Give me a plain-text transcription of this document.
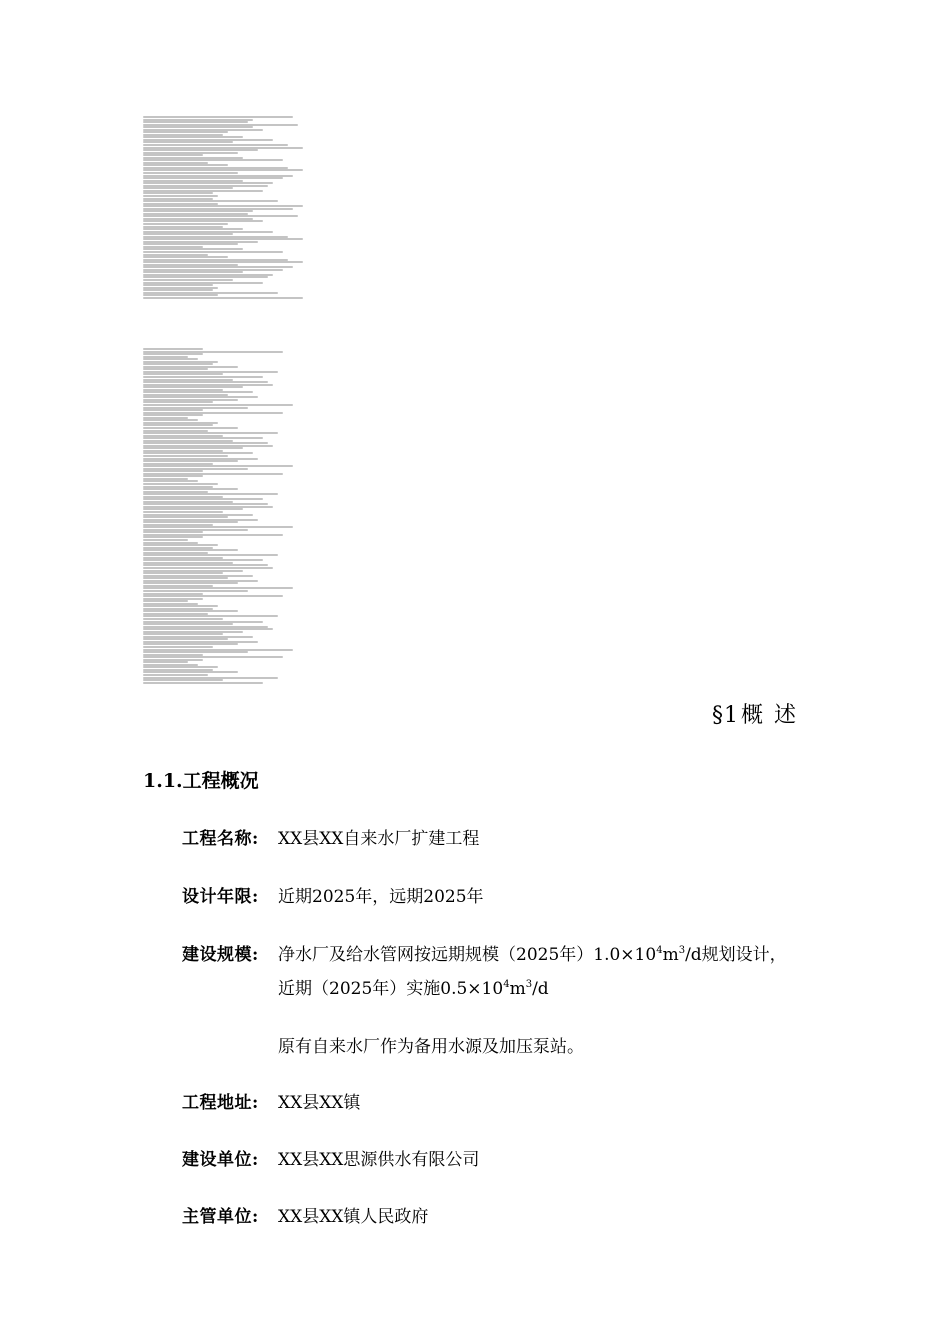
§1概 述
1.1.工程概况
工程名称:	XX县XX自来水厂扩建工程
设计年限:	近期2025年，远期2025年
建设规模:	净水厂及给水管网按远期规模（2025年）$1.0\times 10^4m^3/d$规划设计，
近期（2025年）实施$0.5\times 10^4m^3/d$
原有自来水厂作为备用水源及加压泵站。
工程地址:	XX县XX镇
建设单位:	XX县XX思源供水有限公司
主管单位:	XX县XX镇人民政府
